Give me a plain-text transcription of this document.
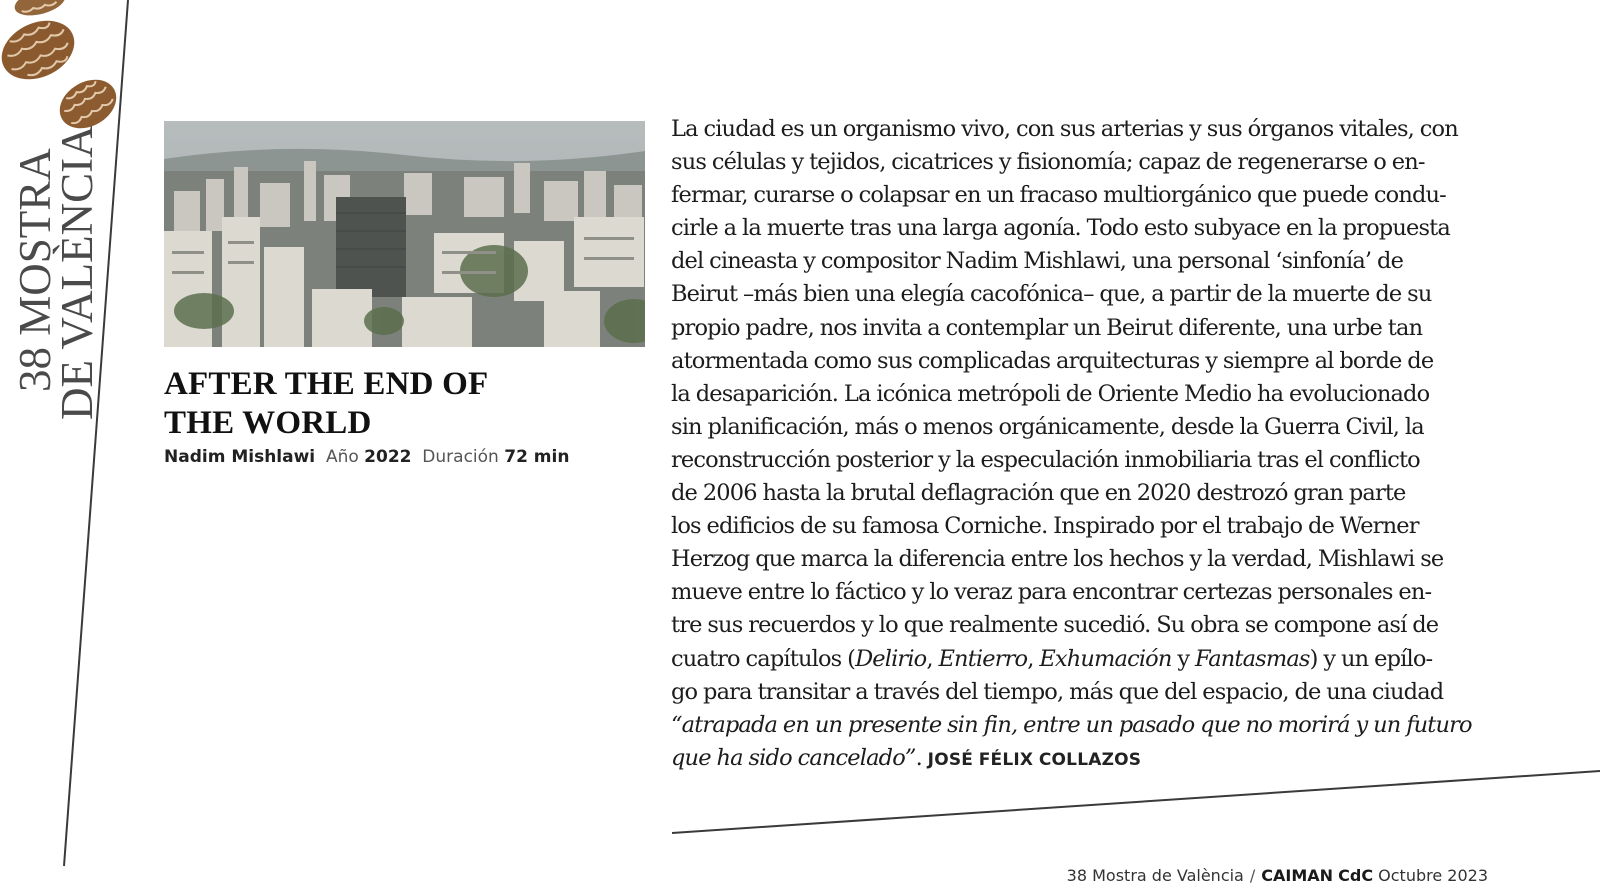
38 MOSTRA
DE VALÈNCIA AFTER THE END OF
THE WORLD
Nadim Mishlawi Año 2022 Duración 72 min
La ciudad es un organismo vivo, con sus arterias y sus órganos vitales, con
sus células y tejidos, cicatrices y fisionomía; capaz de regenerarse o en-
fermar, curarse o colapsar en un fracaso multiorgánico que puede condu-
cirle a la muerte tras una larga agonía. Todo esto subyace en la propuesta
del cineasta y compositor Nadim Mishlawi, una personal ‘sinfonía’ de
Beirut –más bien una elegía cacofónica– que, a partir de la muerte de su
propio padre, nos invita a contemplar un Beirut diferente, una urbe tan
atormentada como sus complicadas arquitecturas y siempre al borde de
la desaparición. La icónica metrópoli de Oriente Medio ha evolucionado
sin planificación, más o menos orgánicamente, desde la Guerra Civil, la
reconstrucción posterior y la especulación inmobiliaria tras el conflicto
de 2006 hasta la brutal deflagración que en 2020 destrozó gran parte
los edificios de su famosa Corniche. Inspirado por el trabajo de Werner
Herzog que marca la diferencia entre los hechos y la verdad, Mishlawi se
mueve entre lo fáctico y lo veraz para encontrar certezas personales en-
tre sus recuerdos y lo que realmente sucedió. Su obra se compone así de
cuatro capítulos (Delirio, Entierro, Exhumación y Fantasmas) y un epílo-
go para transitar a través del tiempo, más que del espacio, de una ciudad
“atrapada en un presente sin fin, entre un pasado que no morirá y un futuro
que ha sido cancelado”. JOSÉ FÉLIX COLLAZOS
38 Mostra de València / CAIMAN CdC Octubre 2023
